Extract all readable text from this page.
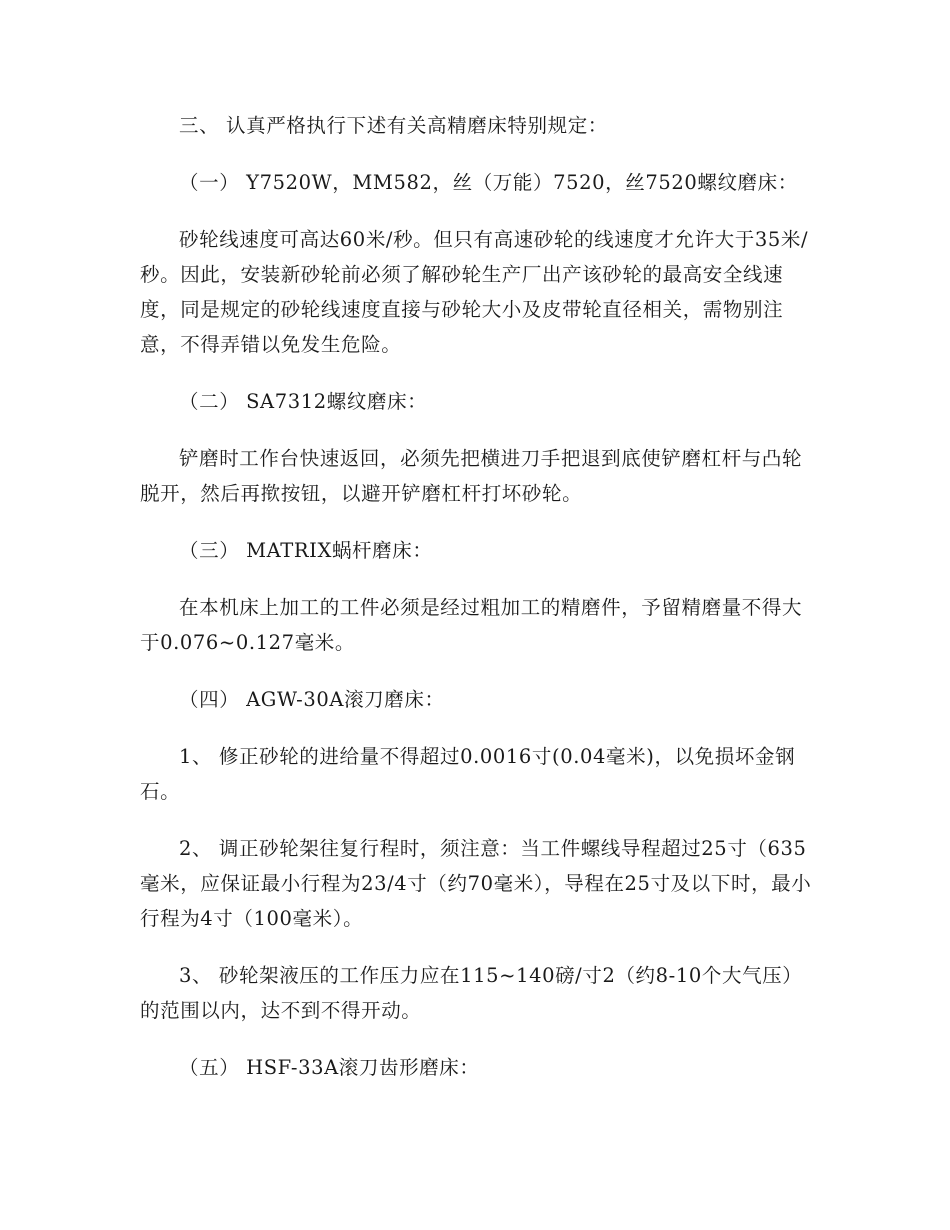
三、 认真严格执行下述有关高精磨床特别规定：

（一） Y7520W，MM582，丝（万能）7520，丝7520螺纹磨床：

砂轮线速度可高达60米/秒。但只有高速砂轮的线速度才允许大于35米/秒。因此，安装新砂轮前必须了解砂轮生产厂出产该砂轮的最高安全线速度，同是规定的砂轮线速度直接与砂轮大小及皮带轮直径相关，需物别注意，不得弄错以免发生危险。

（二） SA7312螺纹磨床：

铲磨时工作台快速返回，必须先把横进刀手把退到底使铲磨杠杆与凸轮脱开，然后再揿按钮，以避开铲磨杠杆打坏砂轮。

（三） MATRIX蜗杆磨床：

在本机床上加工的工件必须是经过粗加工的精磨件，予留精磨量不得大于0.076~0.127毫米。

（四） AGW-30A滚刀磨床：

1、 修正砂轮的进给量不得超过0.0016寸(0.04毫米)，以免损坏金钢石。

2、 调正砂轮架往复行程时，须注意：当工件螺线导程超过25寸（635毫米，应保证最小行程为23/4寸（约70毫米），导程在25寸及以下时，最小行程为4寸（100毫米）。

3、 砂轮架液压的工作压力应在115~140磅/寸2（约8-10个大气压）的范围以内，达不到不得开动。

（五） HSF-33A滚刀齿形磨床：
